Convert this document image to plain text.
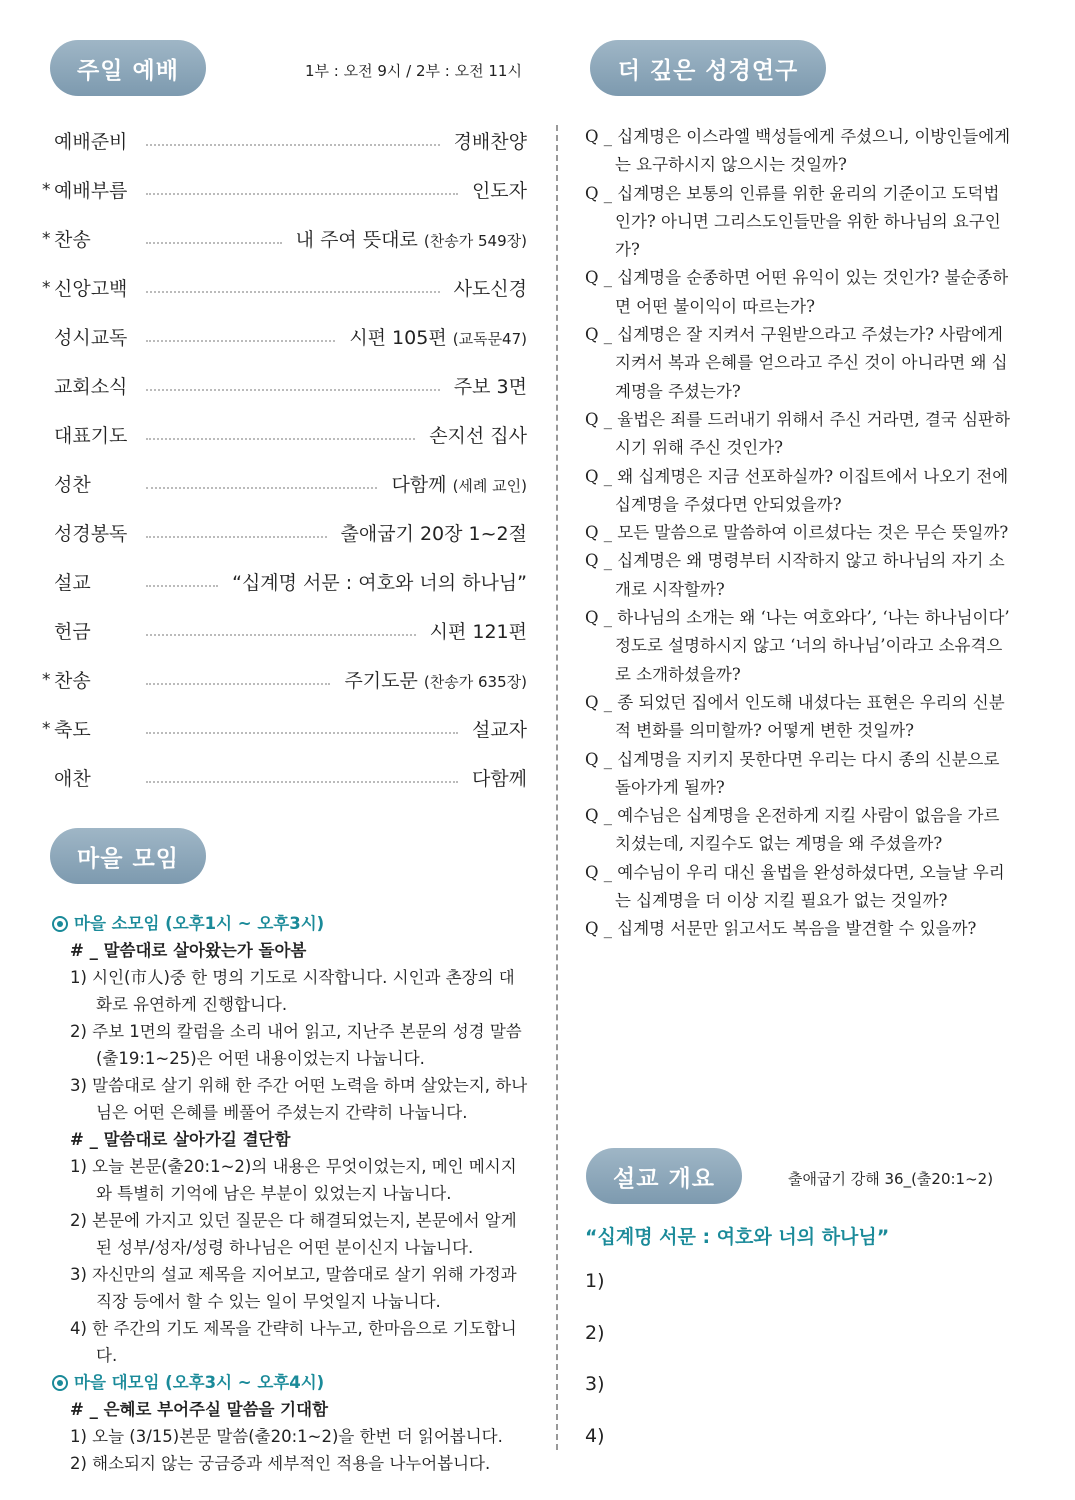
주일 예배	1부 : 오전 9시 / 2부 : 오전 11시
예배준비	경배찬양
* 예배부름	인도자
* 찬송	내 주여 뜻대로 (찬송가 549장)
* 신앙고백	사도신경
성시교독	시편 105편 (교독문47)
교회소식	주보 3면
대표기도	손지선 집사
성찬	다함께 (세례 교인)
성경봉독	출애굽기 20장 1~2절
설교	“십계명 서문 : 여호와 너의 하나님”
헌금	시편 121편
* 찬송	주기도문 (찬송가 635장)
* 축도	설교자
애찬	다함께
마을 모임
마을 소모임 (오후1시 ~ 오후3시)
# _ 말씀대로 살아왔는가 돌아봄
1) 시인(市人)중 한 명의 기도로 시작합니다. 시인과 촌장의 대화로 유연하게 진행합니다.
2) 주보 1면의 칼럼을 소리 내어 읽고, 지난주 본문의 성경 말씀(출19:1~25)은 어떤 내용이었는지 나눕니다.
3) 말씀대로 살기 위해 한 주간 어떤 노력을 하며 살았는지, 하나님은 어떤 은혜를 베풀어 주셨는지 간략히 나눕니다.
# _ 말씀대로 살아가길 결단함
1) 오늘 본문(출20:1~2)의 내용은 무엇이었는지, 메인 메시지와 특별히 기억에 남은 부분이 있었는지 나눕니다.
2) 본문에 가지고 있던 질문은 다 해결되었는지, 본문에서 알게 된 성부/성자/성령 하나님은 어떤 분이신지 나눕니다.
3) 자신만의 설교 제목을 지어보고, 말씀대로 살기 위해 가정과 직장 등에서 할 수 있는 일이 무엇일지 나눕니다.
4) 한 주간의 기도 제목을 간략히 나누고, 한마음으로 기도합니다.
마을 대모임 (오후3시 ~ 오후4시)
# _ 은혜로 부어주실 말씀을 기대함
1) 오늘 (3/15)본문 말씀(출20:1~2)을 한번 더 읽어봅니다.
2) 해소되지 않는 궁금증과 세부적인 적용을 나누어봅니다.
더 깊은 성경연구
Q _ 십계명은 이스라엘 백성들에게 주셨으니, 이방인들에게는 요구하시지 않으시는 것일까?
Q _ 십계명은 보통의 인류를 위한 윤리의 기준이고 도덕법인가? 아니면 그리스도인들만을 위한 하나님의 요구인가?
Q _ 십계명을 순종하면 어떤 유익이 있는 것인가? 불순종하면 어떤 불이익이 따르는가?
Q _ 십계명은 잘 지켜서 구원받으라고 주셨는가? 사람에게 지켜서 복과 은혜를 얻으라고 주신 것이 아니라면 왜 십계명을 주셨는가?
Q _ 율법은 죄를 드러내기 위해서 주신 거라면, 결국 심판하시기 위해 주신 것인가?
Q _ 왜 십계명은 지금 선포하실까? 이집트에서 나오기 전에 십계명을 주셨다면 안되었을까?
Q _ 모든 말씀으로 말씀하여 이르셨다는 것은 무슨 뜻일까?
Q _ 십계명은 왜 명령부터 시작하지 않고 하나님의 자기 소개로 시작할까?
Q _ 하나님의 소개는 왜 ‘나는 여호와다’, ‘나는 하나님이다’ 정도로 설명하시지 않고 ‘너의 하나님’이라고 소유격으로 소개하셨을까?
Q _ 종 되었던 집에서 인도해 내셨다는 표현은 우리의 신분적 변화를 의미할까? 어떻게 변한 것일까?
Q _ 십계명을 지키지 못한다면 우리는 다시 종의 신분으로 돌아가게 될까?
Q _ 예수님은 십계명을 온전하게 지킬 사람이 없음을 가르치셨는데, 지킬수도 없는 계명을 왜 주셨을까?
Q _ 예수님이 우리 대신 율법을 완성하셨다면, 오늘날 우리는 십계명을 더 이상 지킬 필요가 없는 것일까?
Q _ 십계명 서문만 읽고서도 복음을 발견할 수 있을까?
설교 개요	출애굽기 강해 36_(출20:1~2)
“십계명 서문 : 여호와 너의 하나님”
1)
2)
3)
4)
